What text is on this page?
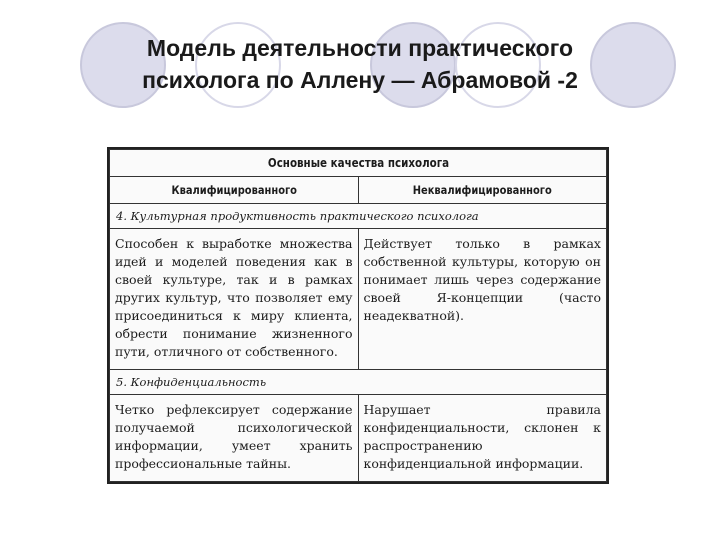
Модель деятельности практического
психолога по Аллену — Абрамовой -2
Основные качества психолога	
Квалифицированного	Неквалифицированного
4. Культурная продуктивность практического психолога	

Способен к выработке множества идей и моделей поведения как в своей культуре, так и в рамках других культур, что позволяет ему присоединиться к миру клиента, обрести понимание жизненного пути, отличного от собственного.	Действует только в рамках собственной культуры, которую он понимает лишь через содержание своей Я-концепции (часто неадекватной).

5. Конфиденциальность	

Четко рефлексирует содержание получаемой психологической информации, умеет хранить профессиональные тайны.	Нарушает правила конфиденциальности, склонен к распространению конфиденциальной информации.
